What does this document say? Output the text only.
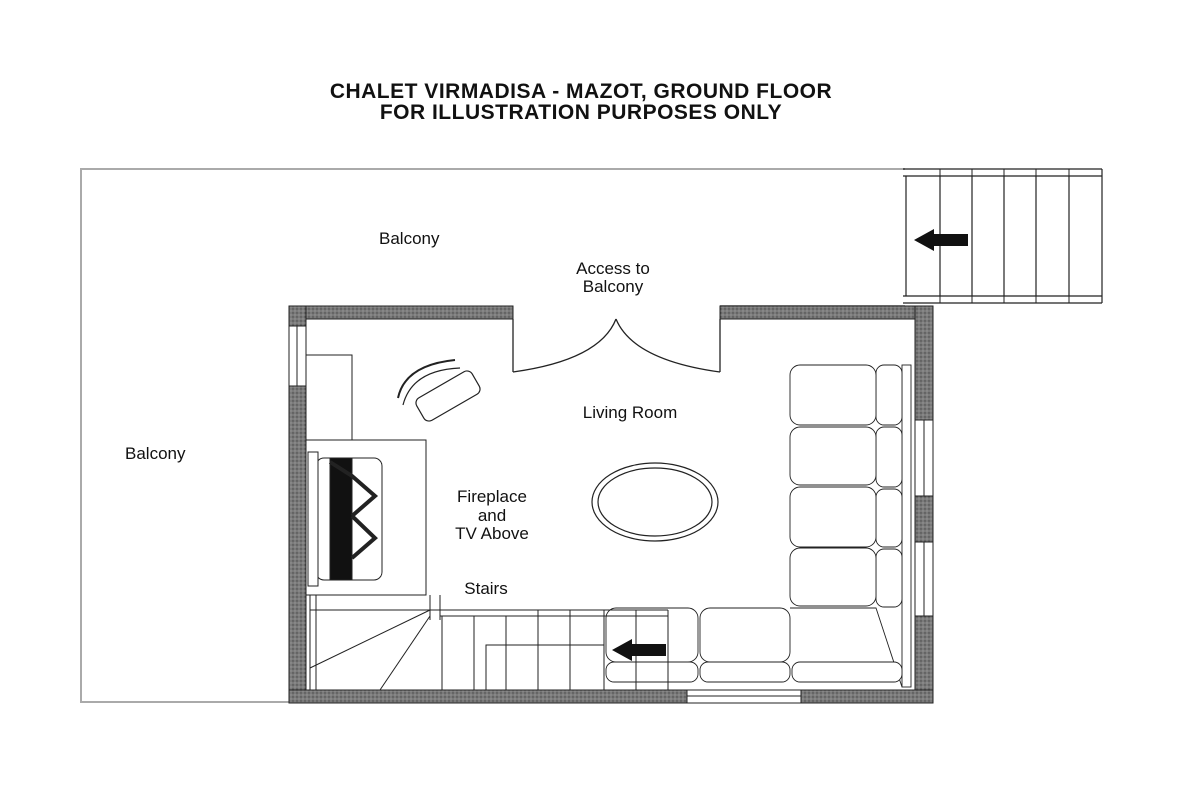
CHALET VIRMADISA - MAZOT, GROUND FLOOR
FOR ILLUSTRATION PURPOSES ONLY
Balcony
Balcony
Access to
Balcony
Living Room
Fireplace
and
TV Above
Stairs
